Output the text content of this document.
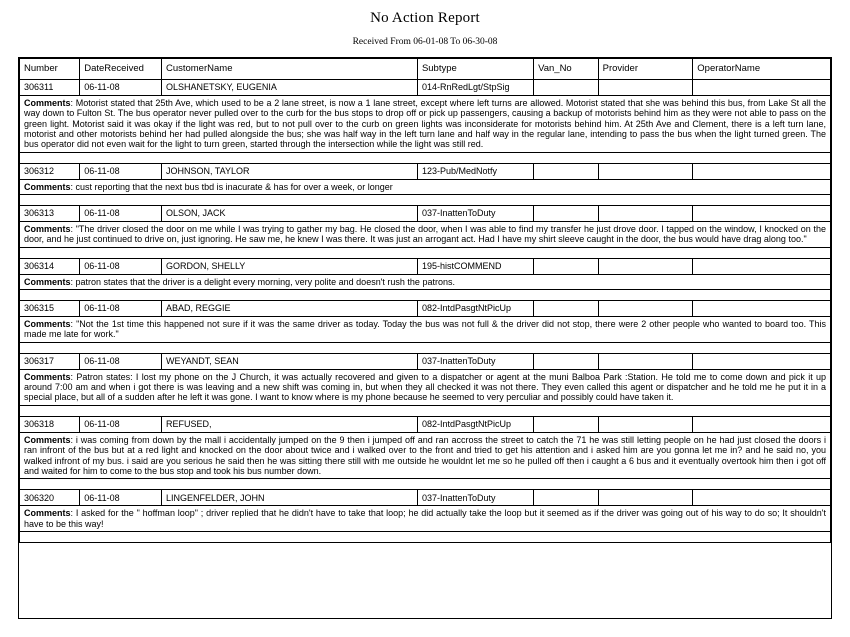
No Action Report
Received From 06-01-08 To 06-30-08
Number	DateReceived	CustomerName	Subtype	Van_No	Provider	OperatorName
306311	06-11-08	OLSHANETSKY, EUGENIA	014-RnRedLgt/StpSig			
Comments: Motorist stated that 25th Ave, which used to be a 2 lane street, is now a 1 lane street, except where left turns are allowed. Motorist stated that she was behind this bus, from Lake St all the way down to Fulton St. The bus operator never pulled over to the curb for the bus stops to drop off or pick up passengers, causing a backup of motorists behind him as they were not able to pass on the green light. Motorist said it was okay if the light was red, but to not pull over to the curb on green lights was inconsiderate for motorists behind him. At 25th Ave and Clement, there is a left turn lane, motorist and other motorists behind her had pulled alongside the bus; she was half way in the left turn lane and half way in the regular lane, intending to pass the bus when the light turned green. The bus operator did not even wait for the light to turn green, started through the intersection while the light was still red.						

306312	06-11-08	JOHNSON, TAYLOR	123-Pub/MedNotfy			
Comments: cust reporting that the next bus tbd is inacurate & has for over a week, or longer						

306313	06-11-08	OLSON, JACK	037-InattenToDuty			
Comments: "The driver closed the door on me while I was trying to gather my bag. He closed the door, when I was able to find my transfer he just drove door. I tapped on the window, I knocked on the door, and he just continued to drive on, just ignoring. He saw me, he knew I was there. It was just an arrogant act. Had I have my shirt sleeve caught in the door, the bus would have drag along too."						

306314	06-11-08	GORDON, SHELLY	195-histCOMMEND			
Comments: patron states that the driver is a delight every morning, very polite and doesn't rush the patrons.						

306315	06-11-08	ABAD, REGGIE	082-IntdPasgtNtPicUp			
Comments: "Not the 1st time this happened not sure if it was the same driver as today. Today the bus was not full & the driver did not stop, there were 2 other people who wanted to board too. This made me late for work."						

306317	06-11-08	WEYANDT, SEAN	037-InattenToDuty			
Comments: Patron states: I lost my phone on the J Church, it was actually recovered and given to a dispatcher or agent at the muni Balboa Park :Station. He told me to come down and pick it up around 7:00 am and when i got there is was leaving and a new shift was coming in, but when they all checked it was not there. They even called this agent or dispatcher and he told me he put it in a special place, but all of a sudden after he left it was gone. I want to know where is my phone because he seemed to very perculiar and possibly could have taken it.						

306318	06-11-08	REFUSED,	082-IntdPasgtNtPicUp			
Comments: i was coming from down by the mall i accidentally jumped on the 9 then i jumped off and ran accross the street to catch the 71 he was still letting people on he had just closed the doors i ran infront of the bus but at a red light and knocked on the door about twice and i walked over to the front and tried to get his attention and i asked him are you gonna let me in? and he said no, you walked infront of my bus. i said are you serious he said then he was sitting there still with me outside he wouldnt let me so he pulled off then i caught a 6 bus and it eventually overtook him then i got off and waited for him to come to the bus stop and took his bus number down.						

306320	06-11-08	LINGENFELDER, JOHN	037-InattenToDuty			
Comments: I asked for the " hoffman loop" ; driver replied that he didn't have to take that loop; he did actually take the loop but it seemed as if the driver was going out of his way to do so; It shouldn't have to be this way!						
